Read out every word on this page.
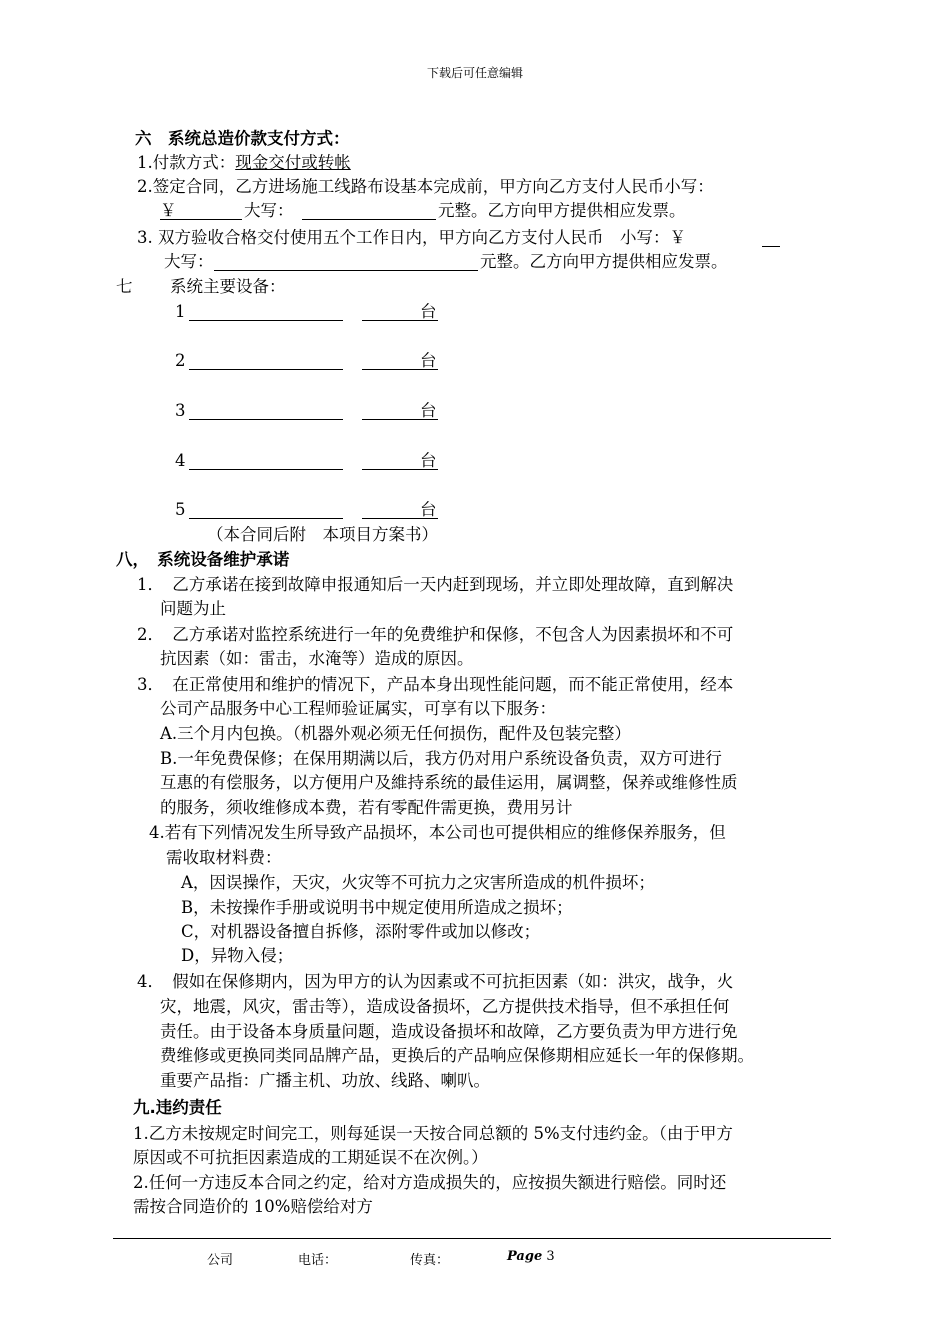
下载后可任意编辑
六　系统总造价款支付方式：
1.付款方式：现金交付或转帐
2.签定合同，乙方进场施工线路布设基本完成前，甲方向乙方支付人民币小写：
￥	大写：	元整。乙方向甲方提供相应发票。
3. 双方验收合格交付使用五个工作日内，甲方向乙方支付人民币　小写：￥
大写：	元整。乙方向甲方提供相应发票。
七 系统主要设备：
1	台
2	台
3	台
4	台
5	台
（本合同后附　本项目方案书）
八，　系统设备维护承诺
1．　乙方承诺在接到故障申报通知后一天内赶到现场，并立即处理故障，直到解决
问题为止
2．　乙方承诺对监控系统进行一年的免费维护和保修，不包含人为因素损坏和不可
抗因素（如：雷击，水淹等）造成的原因。
3．　在正常使用和维护的情况下，产品本身出现性能问题，而不能正常使用，经本
公司产品服务中心工程师验证属实，可享有以下服务：
A.三个月内包换。（机器外观必须无任何损伤，配件及包装完整）
B.一年免费保修；在保用期满以后，我方仍对用户系统设备负责，双方可进行
互惠的有偿服务，以方便用户及維持系统的最佳运用，属调整，保养或维修性质
的服务，须收维修成本费，若有零配件需更换，费用另计
4.若有下列情况发生所导致产品损坏，本公司也可提供相应的维修保养服务，但
需收取材料费：
A，因误操作，天灾，火灾等不可抗力之灾害所造成的机件损坏；
B，未按操作手册或说明书中规定使用所造成之损坏；
C，对机器设备擅自拆修，添附零件或加以修改；
D，异物入侵；
4．　假如在保修期内，因为甲方的认为因素或不可抗拒因素（如：洪灾，战争，火
灾，地震，风灾，雷击等），造成设备损坏，乙方提供技术指导，但不承担任何
责任。由于设备本身质量问题，造成设备损坏和故障，乙方要负责为甲方进行免
费维修或更换同类同品牌产品，更换后的产品响应保修期相应延长一年的保修期。
重要产品指：广播主机、功放、线路、喇叭。
九.违约责任
1.乙方未按规定时间完工，则每延误一天按合同总额的 5%支付违约金。（由于甲方
原因或不可抗拒因素造成的工期延误不在次例。）
2.任何一方违反本合同之约定，给对方造成损失的，应按损失额进行赔偿。同时还
需按合同造价的 10%赔偿给对方
公司	电话：	传真：	Page 3
